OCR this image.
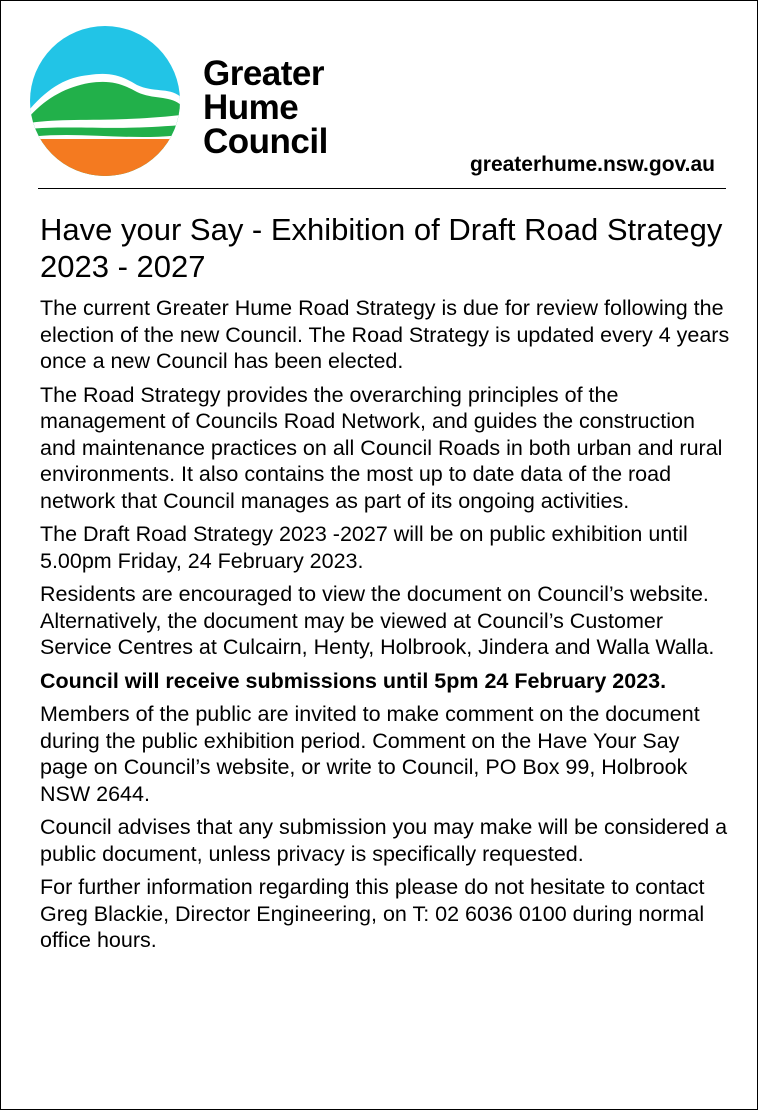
Greater
Hume
Council
greaterhume.nsw.gov.au
Have your Say - Exhibition of Draft Road Strategy 2023 - 2027

The current Greater Hume Road Strategy is due for review following the election of the new Council. The Road Strategy is updated every 4 years once a new Council has been elected.

The Road Strategy provides the overarching principles of the management of Councils Road Network, and guides the construction and maintenance practices on all Council Roads in both urban and rural environments. It also contains the most up to date data of the road network that Council manages as part of its ongoing activities.

The Draft Road Strategy 2023 -2027 will be on public exhibition until 5.00pm Friday, 24 February 2023.

Residents are encouraged to view the document on Council’s website. Alternatively, the document may be viewed at Council’s Customer Service Centres at Culcairn, Henty, Holbrook, Jindera and Walla Walla.

Council will receive submissions until 5pm 24 February 2023.

Members of the public are invited to make comment on the document during the public exhibition period. Comment on the Have Your Say page on Council’s website, or write to Council, PO Box 99, Holbrook NSW 2644.

Council advises that any submission you may make will be considered a public document, unless privacy is specifically requested.

For further information regarding this please do not hesitate to contact Greg Blackie, Director Engineering, on T: 02 6036 0100 during normal office hours.
